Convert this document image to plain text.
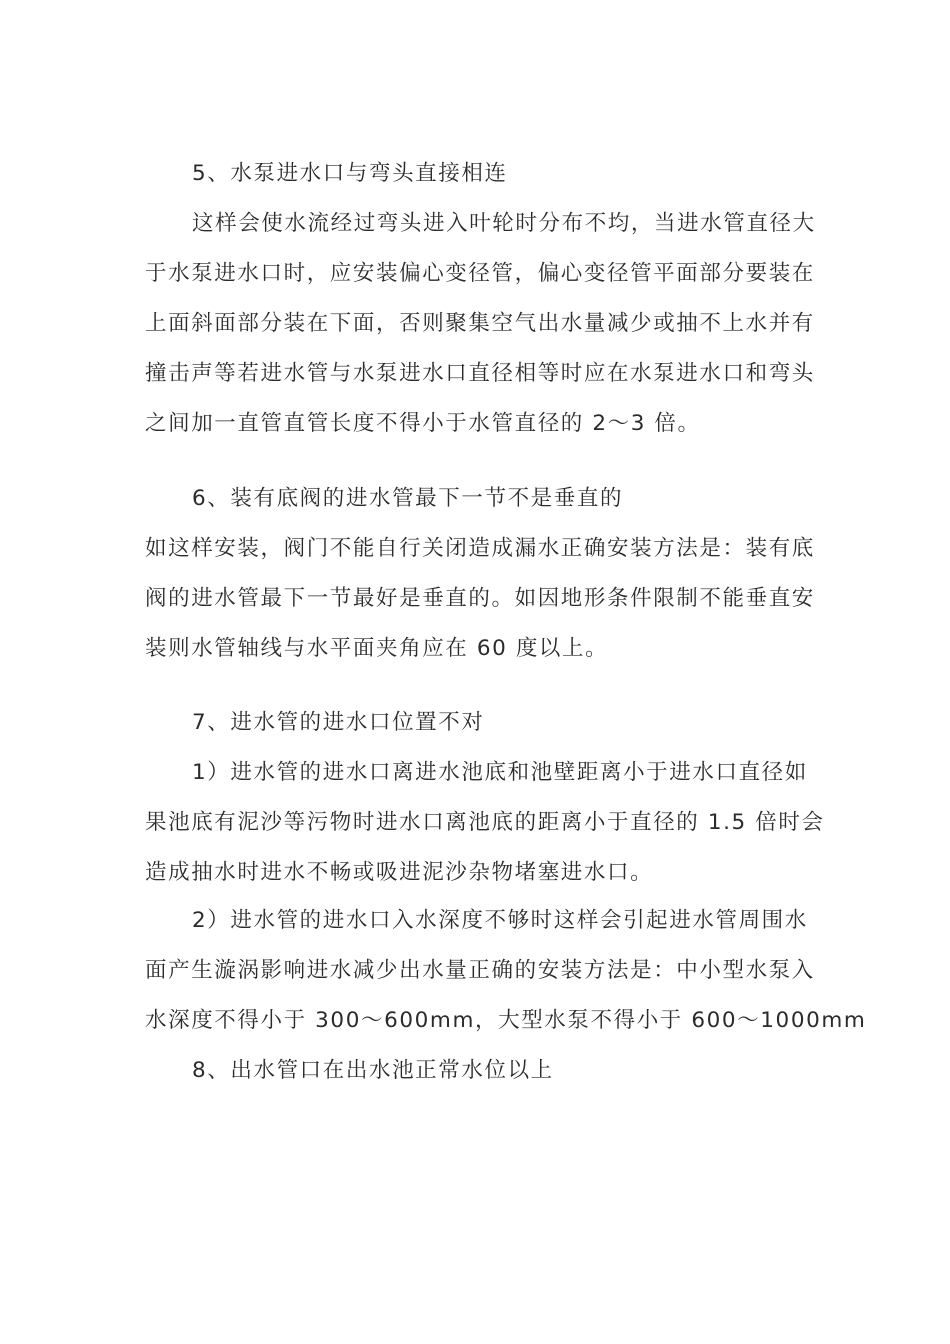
5、水泵进水口与弯头直接相连
这样会使水流经过弯头进入叶轮时分布不均，当进水管直径大
于水泵进水口时，应安装偏心变径管，偏心变径管平面部分要装在
上面斜面部分装在下面，否则聚集空气出水量减少或抽不上水并有
撞击声等若进水管与水泵进水口直径相等时应在水泵进水口和弯头
之间加一直管直管长度不得小于水管直径的 2～3 倍。
6、装有底阀的进水管最下一节不是垂直的
如这样安装，阀门不能自行关闭造成漏水正确安装方法是：装有底
阀的进水管最下一节最好是垂直的。如因地形条件限制不能垂直安
装则水管轴线与水平面夹角应在 60 度以上。
7、进水管的进水口位置不对
1）进水管的进水口离进水池底和池壁距离小于进水口直径如
果池底有泥沙等污物时进水口离池底的距离小于直径的 1.5 倍时会
造成抽水时进水不畅或吸进泥沙杂物堵塞进水口。
2）进水管的进水口入水深度不够时这样会引起进水管周围水
面产生漩涡影响进水减少出水量正确的安装方法是：中小型水泵入
水深度不得小于 300～600mm，大型水泵不得小于 600～1000mm
8、出水管口在出水池正常水位以上
